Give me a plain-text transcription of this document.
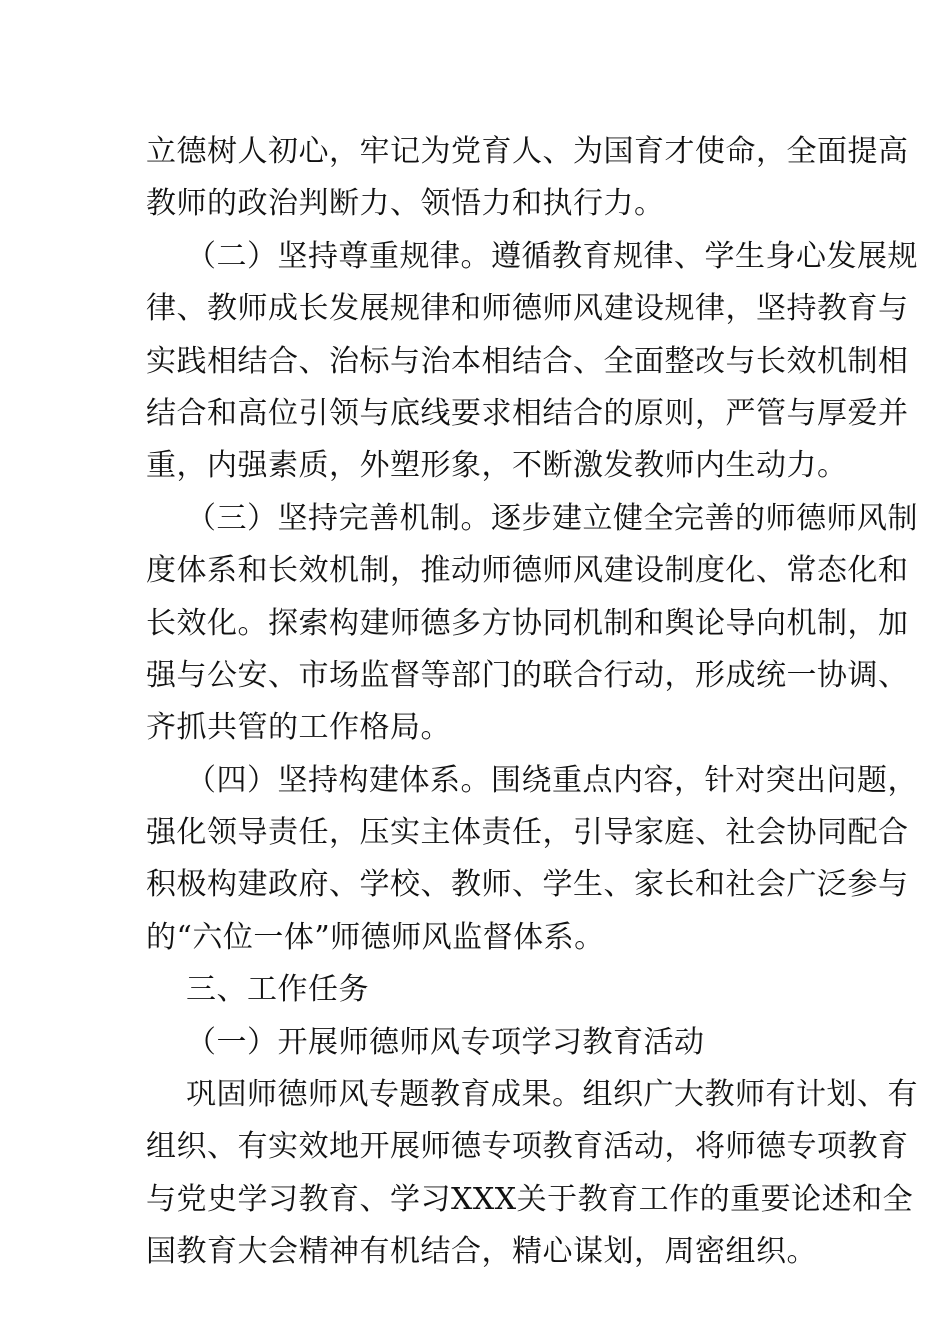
立德树人初心，牢记为党育人、为国育才使命，全面提高
教师的政治判断力、领悟力和执行力。
（二）坚持尊重规律。遵循教育规律、学生身心发展规
律、教师成长发展规律和师德师风建设规律，坚持教育与
实践相结合、治标与治本相结合、全面整改与长效机制相
结合和高位引领与底线要求相结合的原则，严管与厚爱并
重，内强素质，外塑形象，不断激发教师内生动力。
（三）坚持完善机制。逐步建立健全完善的师德师风制
度体系和长效机制，推动师德师风建设制度化、常态化和
长效化。探索构建师德多方协同机制和舆论导向机制，加
强与公安、市场监督等部门的联合行动，形成统一协调、
齐抓共管的工作格局。
（四）坚持构建体系。围绕重点内容，针对突出问题，
强化领导责任，压实主体责任，引导家庭、社会协同配合
积极构建政府、学校、教师、学生、家长和社会广泛参与
的“六位一体”师德师风监督体系。
三、工作任务
（一）开展师德师风专项学习教育活动
巩固师德师风专题教育成果。组织广大教师有计划、有
组织、有实效地开展师德专项教育活动，将师德专项教育
与党史学习教育、学习XXX关于教育工作的重要论述和全
国教育大会精神有机结合，精心谋划，周密组织。
